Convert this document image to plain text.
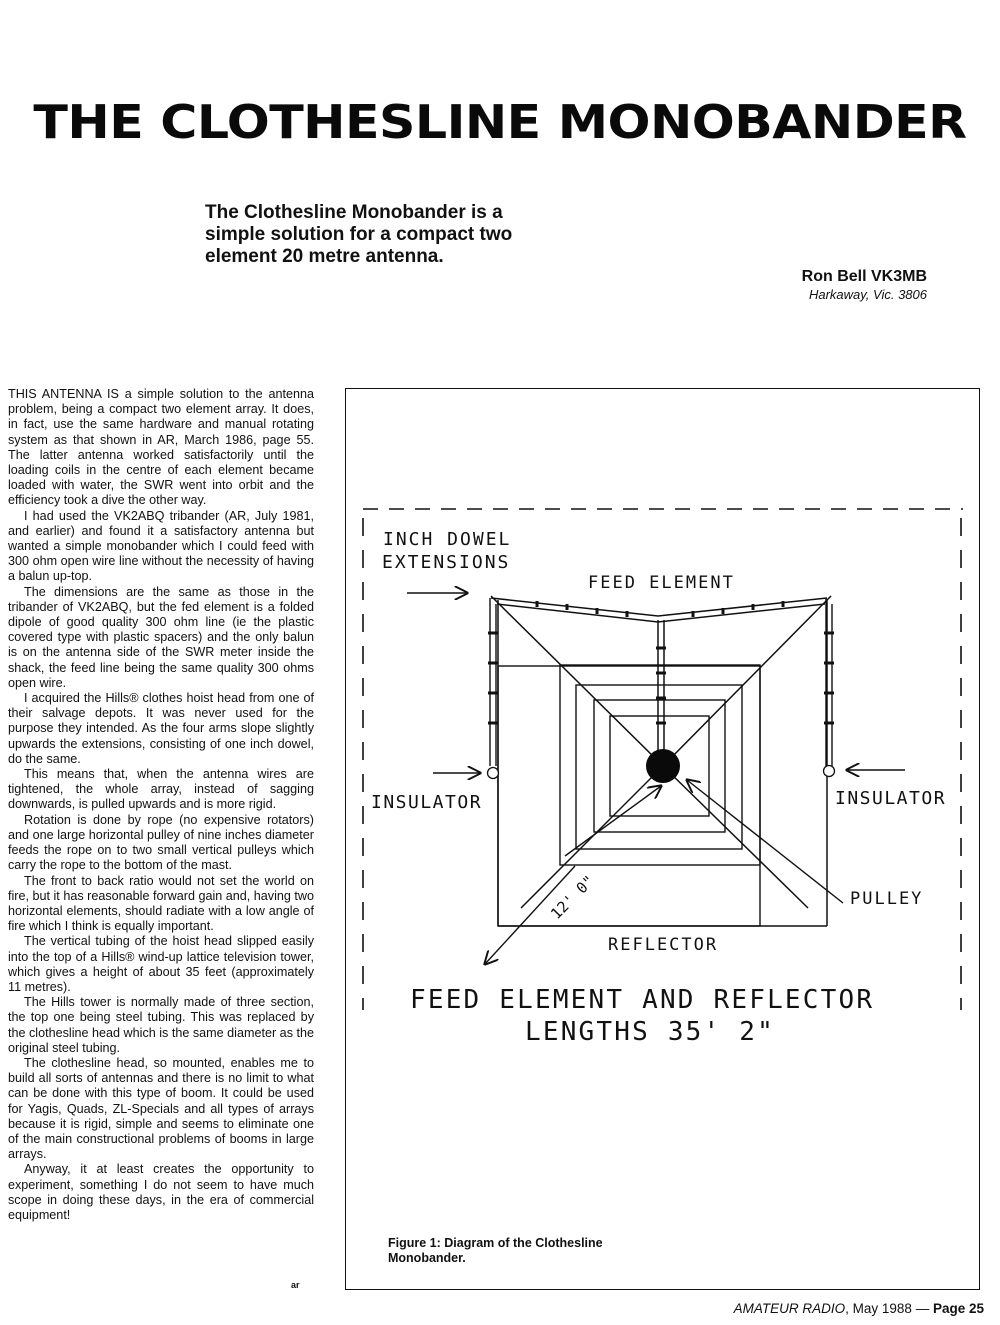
THE CLOTHESLINE MONOBANDER

The Clothesline Monobander is a simple solution for a compact two element 20 metre antenna.

Ron Bell VK3MB

Harkaway, Vic. 3806

THIS ANTENNA IS a simple solution to the antenna problem, being a compact two element array. It does, in fact, use the same hardware and manual rotating system as that shown in AR, March 1986, page 55. The latter antenna worked satisfactorily until the loading coils in the centre of each element became loaded with water, the SWR went into orbit and the efficiency took a dive the other way.

I had used the VK2ABQ tribander (AR, July 1981, and earlier) and found it a satisfactory antenna but wanted a simple monobander which I could feed with 300 ohm open wire line without the necessity of having a balun up-top.

The dimensions are the same as those in the tribander of VK2ABQ, but the fed element is a folded dipole of good quality 300 ohm line (ie the plastic covered type with plastic spacers) and the only balun is on the antenna side of the SWR meter inside the shack, the feed line being the same quality 300 ohms open wire.

I acquired the Hills® clothes hoist head from one of their salvage depots. It was never used for the purpose they intended. As the four arms slope slightly upwards the extensions, consisting of one inch dowel, do the same.

This means that, when the antenna wires are tightened, the whole array, instead of sagging downwards, is pulled upwards and is more rigid.

Rotation is done by rope (no expensive rotators) and one large horizontal pulley of nine inches diameter feeds the rope on to two small vertical pulleys which carry the rope to the bottom of the mast.

The front to back ratio would not set the world on fire, but it has reasonable forward gain and, having two horizontal elements, should radiate with a low angle of fire which I think is equally important.

The vertical tubing of the hoist head slipped easily into the top of a Hills® wind-up lattice television tower, which gives a height of about 35 feet (approximately 11 metres).

The Hills tower is normally made of three section, the top one being steel tubing. This was replaced by the clothesline head which is the same diameter as the original steel tubing.

The clothesline head, so mounted, enables me to build all sorts of antennas and there is no limit to what can be done with this type of boom. It could be used for Yagis, Quads, ZL-Specials and all types of arrays because it is rigid, simple and seems to eliminate one of the main constructional problems of booms in large arrays.

Anyway, it at least creates the opportunity to experiment, something I do not seem to have much scope in doing these days, in the era of commercial equipment!

ar
INCH DOWEL
EXTENSIONS
FEED ELEMENT
INSULATOR	INSULATOR
PULLEY
REFLECTOR
12' 0"
FEED ELEMENT AND REFLECTOR
LENGTHS 35' 2"

Figure 1: Diagram of the Clothesline Monobander.

AMATEUR RADIO, May 1988 — Page 25
